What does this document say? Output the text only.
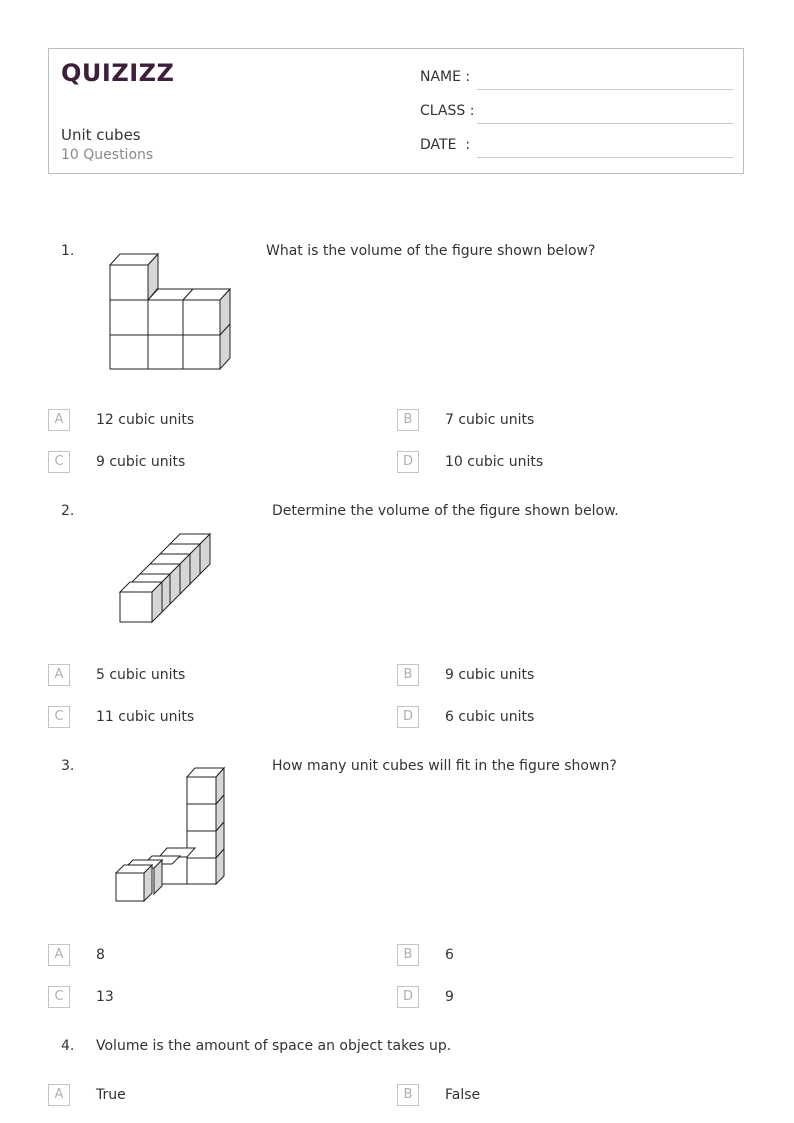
QUIZIZZ
Unit cubes
10 Questions
NAME :
CLASS :
DATE  :
1.	What is the volume of the figure shown below?
A	12 cubic units	B	7 cubic units
C	9 cubic units	D	10 cubic units
2.	Determine the volume of the figure shown below.
A	5 cubic units	B	9 cubic units
C	11 cubic units	D	6 cubic units
3.	How many unit cubes will fit in the figure shown?
A	8	B	6
C	13	D	9
4. Volume is the amount of space an object takes up.
A	True	B	False
